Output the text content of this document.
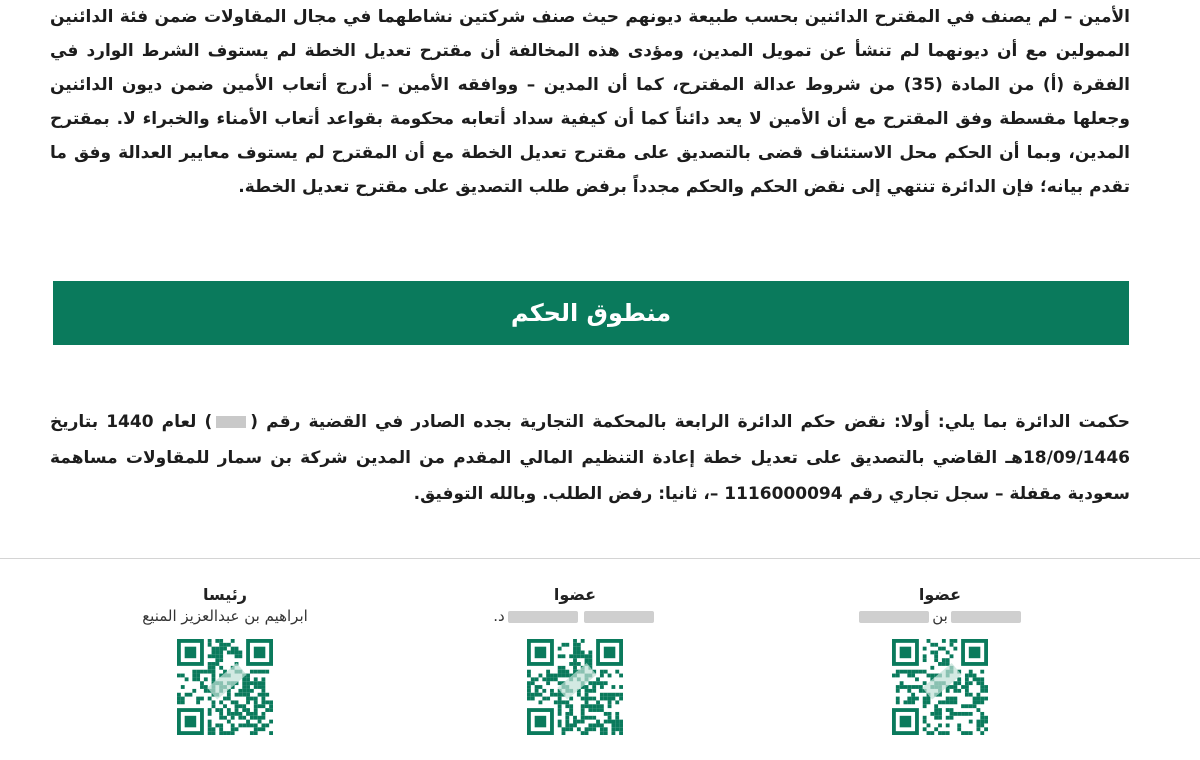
الأمين – لم يصنف في المقترح الدائنين بحسب طبيعة ديونهم حيث صنف شركتين نشاطهما في مجال المقاولات ضمن فئة الدائنين الممولين مع أن ديونهما لم تنشأ عن تمويل المدين، ومؤدى هذه المخالفة أن مقترح تعديل الخطة لم يستوف الشرط الوارد في الفقرة (أ) من المادة (35) من شروط عدالة المقترح، كما أن المدين – ووافقه الأمين – أدرج أتعاب الأمين ضمن ديون الدائنين وجعلها مقسطة وفق المقترح مع أن الأمين لا يعد دائناً كما أن كيفية سداد أتعابه محكومة بقواعد أتعاب الأمناء والخبراء لا. بمقترح المدين، وبما أن الحكم محل الاستئناف قضى بالتصديق على مقترح تعديل الخطة مع أن المقترح لم يستوف معايير العدالة وفق ما تقدم بيانه؛ فإن الدائرة تنتهي إلى نقض الحكم والحكم مجدداً برفض طلب التصديق على مقترح تعديل الخطة.
منطوق الحكم
حكمت الدائرة بما يلي: أولا: نقض حكم الدائرة الرابعة بالمحكمة التجارية بجده الصادر في القضية رقم () لعام 1440 بتاريخ 18/09/1446هـ القاضي بالتصديق على تعديل خطة إعادة التنظيم المالي المقدم من المدين شركة بن سمار للمقاولات مساهمة سعودية مقفلة – سجل تجاري رقم 1116000094 –، ثانيا: رفض الطلب. وبالله التوفيق.
عضوا
بن
عضوا
د.
رئيسا
ابراهيم بن عبدالعزيز المنيع
